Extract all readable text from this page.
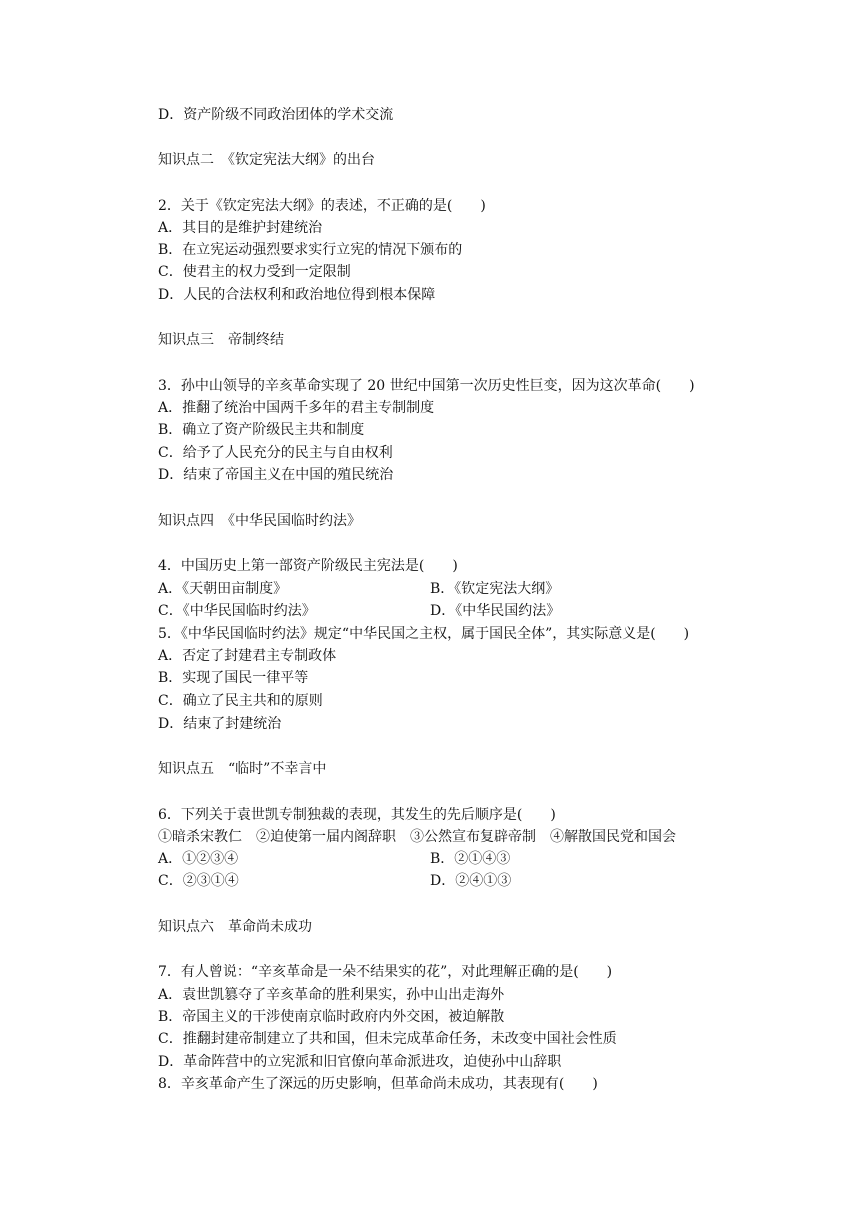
D．资产阶级不同政治团体的学术交流
知识点二　《钦定宪法大纲》的出台
2．关于《钦定宪法大纲》的表述，不正确的是(　　)
A．其目的是维护封建统治
B．在立宪运动强烈要求实行立宪的情况下颁布的
C．使君主的权力受到一定限制
D．人民的合法权利和政治地位得到根本保障
知识点三　帝制终结
3．孙中山领导的辛亥革命实现了 20 世纪中国第一次历史性巨变，因为这次革命(　　)
A．推翻了统治中国两千多年的君主专制制度
B．确立了资产阶级民主共和制度
C．给予了人民充分的民主与自由权利
D．结束了帝国主义在中国的殖民统治
知识点四　《中华民国临时约法》
4．中国历史上第一部资产阶级民主宪法是(　　)
A．《天朝田亩制度》	B．《钦定宪法大纲》
C．《中华民国临时约法》	D．《中华民国约法》
5．《中华民国临时约法》规定“中华民国之主权，属于国民全体”，其实际意义是(　　)
A．否定了封建君主专制政体
B．实现了国民一律平等
C．确立了民主共和的原则
D．结束了封建统治
知识点五　“临时”不幸言中
6．下列关于袁世凯专制独裁的表现，其发生的先后顺序是(　　)
①暗杀宋教仁　②迫使第一届内阁辞职　③公然宣布复辟帝制　④解散国民党和国会
A．①②③④	B．②①④③
C．②③①④	D．②④①③
知识点六　革命尚未成功
7．有人曾说：“辛亥革命是一朵不结果实的花”，对此理解正确的是(　　)
A．袁世凯篡夺了辛亥革命的胜利果实，孙中山出走海外
B．帝国主义的干涉使南京临时政府内外交困，被迫解散
C．推翻封建帝制建立了共和国，但未完成革命任务，未改变中国社会性质
D．革命阵营中的立宪派和旧官僚向革命派进攻，迫使孙中山辞职
8．辛亥革命产生了深远的历史影响，但革命尚未成功，其表现有(　　)
